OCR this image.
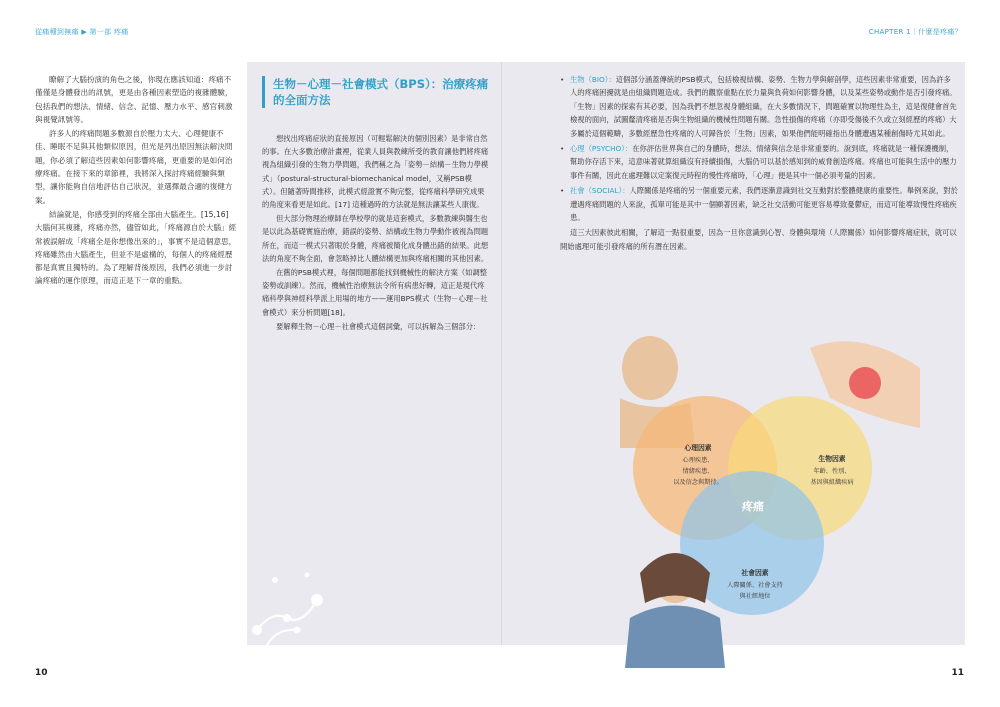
從痛種到無痛 ▶ 第一部 疼痛	CHAPTER 1｜什麼是疼痛？

瞭解了大腦扮演的角色之後，你現在應該知道：疼痛不僅僅是身體發出的訊號，更是由各種因素塑造的複雜體驗，包括我們的想法、情緒、信念、記憶、壓力水平、感官刺激與視覺訊號等。

許多人的疼痛問題多數源自於壓力太大、心理健康不佳、睡眠不足與其他類似原因，但光是列出原因無法解決問題，你必須了解這些因素如何影響疼痛，更重要的是如何治療疼痛。在接下來的章節裡，我將深入探討疼痛經驗與類型，讓你能夠自信地評估自己狀況，並選擇最合適的復健方案。

結論就是，你感受到的疼痛全部由大腦產生。[15,16] 大腦何其複雜，疼痛亦然，儘管如此，「疼痛源自於大腦」經常被誤解成「疼痛全是你想像出來的」，事實不是這個意思，疼痛雖然由大腦產生，但並不是虛構的，每個人的疼痛經歷都是真實且獨特的。為了理解背後原因，我們必須進一步討論疼痛的運作原理，而這正是下一章的重點。

生物－心理－社會模式（BPS）：治療疼痛的全面方法

想找出疼痛症狀的直接原因（可輕鬆解決的個別因素）是非常自然的事。在大多數治療計畫裡，從業人員與教練所受的教育讓他們將疼痛視為組織引發的生物力學問題，我們稱之為「姿勢－結構－生物力學模式」（postural-structural-biomechanical model，又稱PSB模式）。但隨著時間推移，此模式經證實不夠完整，從疼痛科學研究成果的角度來看更是如此。[17] 這種過時的方法就是無法讓某些人康復。

但大部分物理治療師在學校學的就是這套模式，多數教練與醫生也是以此為基礎實施治療，錯誤的姿勢、結構或生物力學動作被視為問題所在，而這一模式只著眼於身體，疼痛被簡化成身體出錯的結果。此想法的角度不夠全面，會忽略掉比人體結構更加與疼痛相關的其他因素。

在舊的PSB模式裡，每個問題都能找到機械性的解決方案（如調整姿勢或訓練）。然而，機械性治療無法令所有病患好轉，這正是現代疼痛科學與神經科學派上用場的地方——運用BPS模式（生物－心理－社會模式）來分析問題[18]。

要解釋生物－心理－社會模式這個詞彙，可以拆解為三個部分：

• 生物（BIO）：這個部分涵蓋傳統的PSB模式，包括檢視結構、姿勢、生物力學與解剖學，這些因素非常重要，因為許多人的疼痛困擾就是由組織問題造成。我們的觀察重點在於力量與負荷如何影響身體，以及某些姿勢或動作是否引發疼痛。「生物」因素的探索有其必要，因為我們不想忽視身體組織，在大多數情況下，問題確實以物理性為主，這是復健會首先檢視的面向，試圖釐清疼痛是否與生物組織的機械性問題有關。急性損傷的疼痛（亦即受傷後不久或立刻經歷的疼痛）大多屬於這個範疇，多數經歷急性疼痛的人可歸咎於「生物」因素，如果他們能明確指出身體遭遇某種創傷時尤其如此。
• 心理（PSYCHO）：在你評估世界與自己的身體時，想法、情緒與信念是非常重要的。說到底，疼痛就是一種保護機制，幫助你存活下來，這意味著就算組織沒有持續損傷，大腦仍可以基於感知到的威脅創造疼痛。疼痛也可能與生活中的壓力事件有關，因此在處理難以定案復元時程的慢性疼痛時，「心理」便是其中一個必須考量的因素。
• 社會（SOCIAL）：人際關係是疼痛的另一個重要元素，我們逐漸意識到社交互動對於整體健康的重要性。舉例來說，對於遭遇疼痛問題的人來說，孤單可能是其中一個顯著因素，缺乏社交活動可能更容易導致憂鬱症，而這可能導致慢性疼痛疾患。

這三大因素彼此相關，了解這一點很重要，因為一旦你意識到心智、身體與環境（人際關係）如何影響疼痛症狀，就可以開始處理可能引發疼痛的所有潛在因素。

疼痛
心理因素
心理疾患、
情緒疾患、
以及信念與期待。
生物因素
年齡、性別、
基因與組織疾病
社會因素
人際關係、社會支持
與社經地位
10	11
